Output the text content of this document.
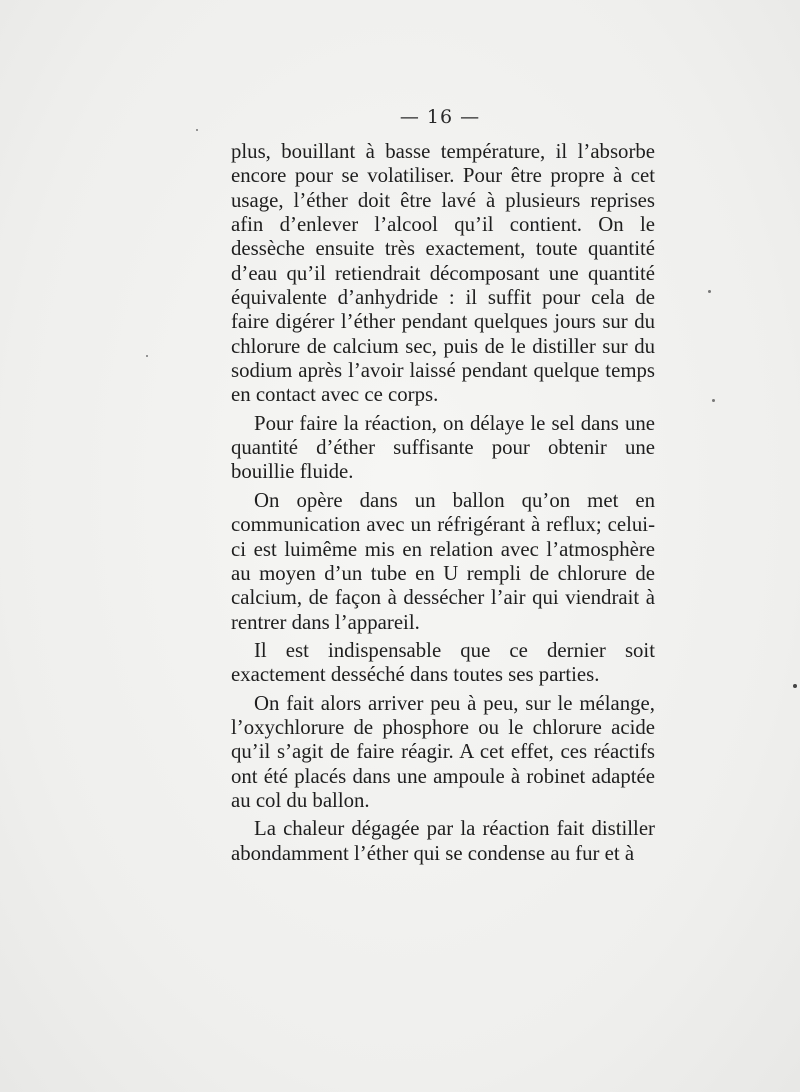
— 16 —

plus, bouillant à basse température, il l’absorbe encore pour se volatiliser. Pour être propre à cet usage, l’éther doit être lavé à plusieurs reprises afin d’enlever l’alcool qu’il contient. On le dessèche ensuite très exactement, toute quantité d’eau qu’il retiendrait décomposant une quantité équivalente d’anhydride : il suffit pour cela de faire digérer l’éther pendant quelques jours sur du chlorure de calcium sec, puis de le distiller sur du sodium après l’avoir laissé pendant quelque temps en contact avec ce corps.

Pour faire la réaction, on délaye le sel dans une quantité d’éther suffisante pour obtenir une bouillie fluide.

On opère dans un ballon qu’on met en communication avec un réfrigérant à reflux; celui-ci est luimême mis en relation avec l’atmosphère au moyen d’un tube en U rempli de chlorure de calcium, de façon à dessécher l’air qui viendrait à rentrer dans l’appareil.

Il est indispensable que ce dernier soit exactement desséché dans toutes ses parties.

On fait alors arriver peu à peu, sur le mélange, l’oxychlorure de phosphore ou le chlorure acide qu’il s’agit de faire réagir. A cet effet, ces réactifs ont été placés dans une ampoule à robinet adaptée au col du ballon.

La chaleur dégagée par la réaction fait distiller abondamment l’éther qui se condense au fur et à
